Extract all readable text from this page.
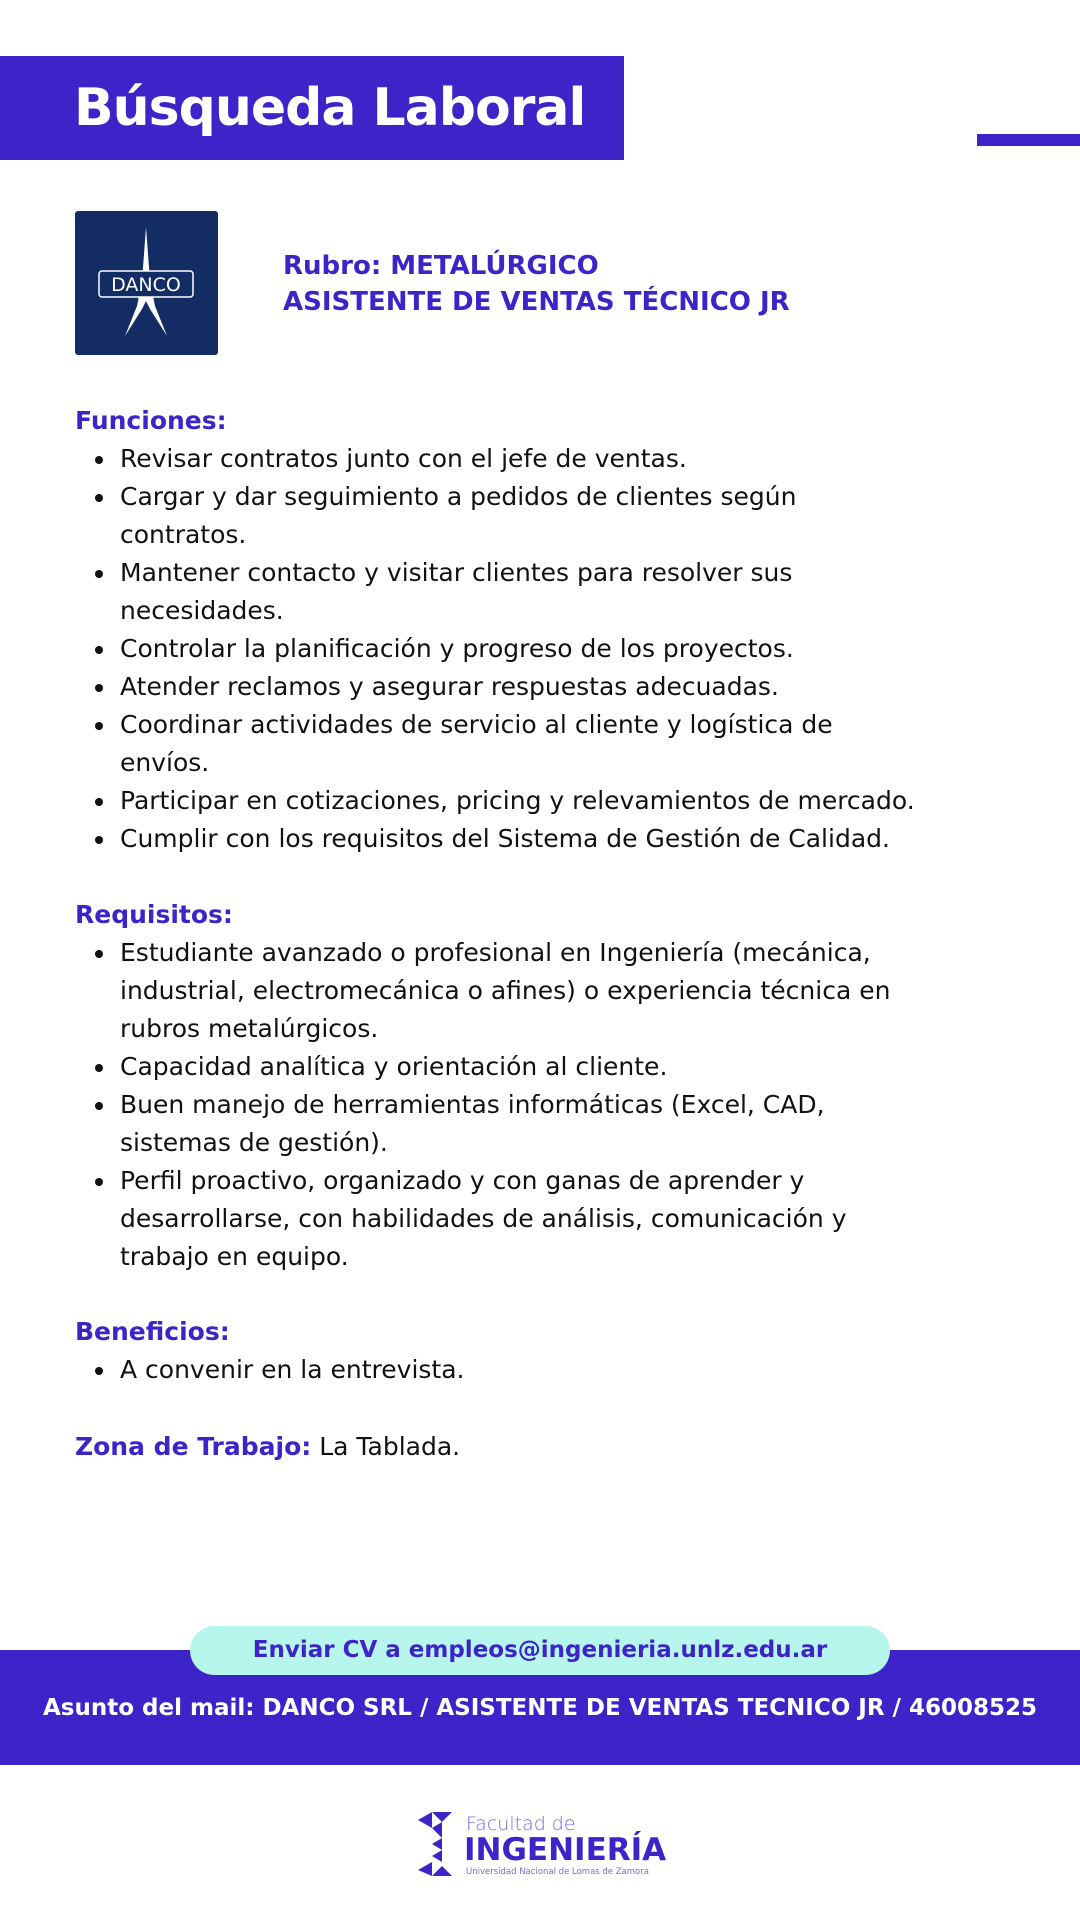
Búsqueda Laboral
DANCO
Rubro: METALÚRGICO
ASISTENTE DE VENTAS TÉCNICO JR
Funciones:
Revisar contratos junto con el jefe de ventas.
Cargar y dar seguimiento a pedidos de clientes según contratos.
Mantener contacto y visitar clientes para resolver sus necesidades.
Controlar la planificación y progreso de los proyectos.
Atender reclamos y asegurar respuestas adecuadas.
Coordinar actividades de servicio al cliente y logística de envíos.
Participar en cotizaciones, pricing y relevamientos de mercado.
Cumplir con los requisitos del Sistema de Gestión de Calidad.
Requisitos:
Estudiante avanzado o profesional en Ingeniería (mecánica, industrial, electromecánica o afines) o experiencia técnica en rubros metalúrgicos.
Capacidad analítica y orientación al cliente.
Buen manejo de herramientas informáticas (Excel, CAD, sistemas de gestión).
Perfil proactivo, organizado y con ganas de aprender y desarrollarse, con habilidades de análisis, comunicación y trabajo en equipo.
Beneficios:
A convenir en la entrevista.
Zona de Trabajo: La Tablada.
Enviar CV a empleos@ingenieria.unlz.edu.ar
Asunto del mail: DANCO SRL / ASISTENTE DE VENTAS TECNICO JR / 46008525
Facultad de
INGENIERÍA
Universidad Nacional de Lomas de Zamora
